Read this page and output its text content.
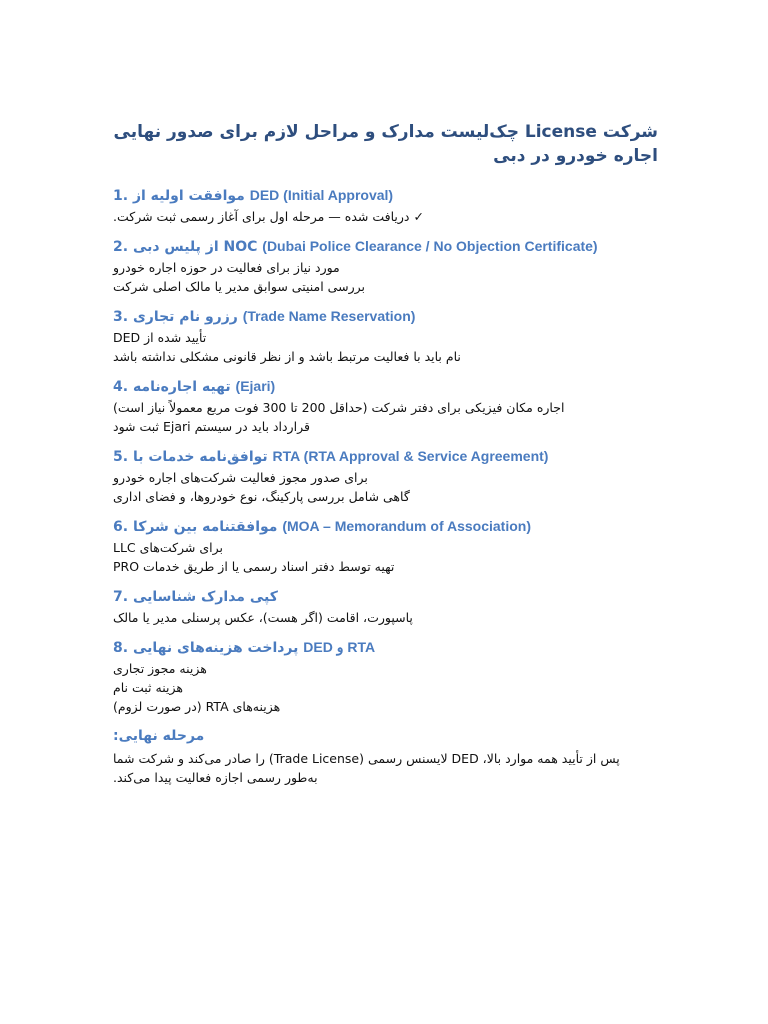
شرکت License چک‌لیست مدارک و مراحل لازم برای صدور نهایی اجاره خودرو در دبی
1. موافقت اولیه از DED (Initial Approval)

✓ دریافت شده — مرحله اول برای آغاز رسمی ثبت شرکت.

2. NOC از پلیس دبی (Dubai Police Clearance / No Objection Certificate)

مورد نیاز برای فعالیت در حوزه اجاره خودرو

بررسی امنیتی سوابق مدیر یا مالک اصلی شرکت

3. رزرو نام تجاری (Trade Name Reservation)

تأیید شده از DED

نام باید با فعالیت مرتبط باشد و از نظر قانونی مشکلی نداشته باشد

4. تهیه اجاره‌نامه (Ejari)

اجاره مکان فیزیکی برای دفتر شرکت (حداقل 200 تا 300 فوت مربع معمولاً نیاز است)

قرارداد باید در سیستم Ejari ثبت شود

5. توافق‌نامه خدمات با RTA (RTA Approval & Service Agreement)

برای صدور مجوز فعالیت شرکت‌های اجاره خودرو

گاهی شامل بررسی پارکینگ، نوع خودروها، و فضای اداری

6. موافقتنامه بین شرکا (MOA – Memorandum of Association)

برای شرکت‌های LLC

تهیه توسط دفتر اسناد رسمی یا از طریق خدمات PRO

7. کپی مدارک شناسایی

پاسپورت، اقامت (اگر هست)، عکس پرسنلی مدیر یا مالک

8. پرداخت هزینه‌های نهایی DED و RTA

هزینه مجوز تجاری

هزینه ثبت نام

هزینه‌های RTA (در صورت لزوم)

مرحله نهایی:

پس از تأیید همه موارد بالا، DED لایسنس رسمی (Trade License) را صادر می‌کند و شرکت شما

به‌طور رسمی اجازه فعالیت پیدا می‌کند.
